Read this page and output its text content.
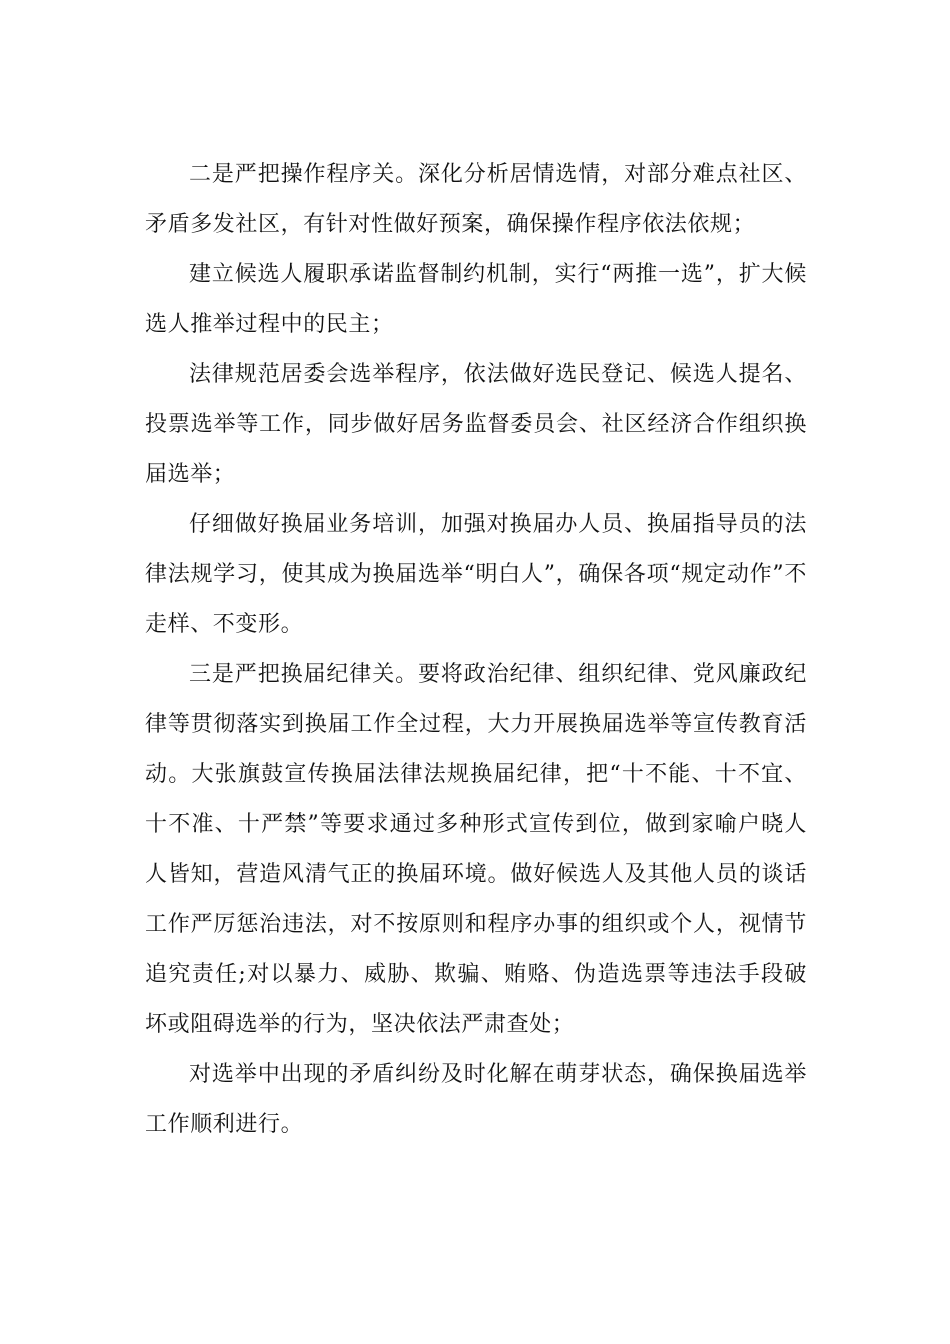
二是严把操作程序关。深化分析居情选情，对部分难点社区、矛盾多发社区，有针对性做好预案，确保操作程序依法依规；

建立候选人履职承诺监督制约机制，实行“两推一选”，扩大候选人推举过程中的民主；

法律规范居委会选举程序，依法做好选民登记、候选人提名、投票选举等工作，同步做好居务监督委员会、社区经济合作组织换届选举；

仔细做好换届业务培训，加强对换届办人员、换届指导员的法律法规学习，使其成为换届选举“明白人”，确保各项“规定动作”不走样、不变形。

三是严把换届纪律关。要将政治纪律、组织纪律、党风廉政纪律等贯彻落实到换届工作全过程，大力开展换届选举等宣传教育活动。大张旗鼓宣传换届法律法规换届纪律，把“十不能、十不宜、十不准、十严禁”等要求通过多种形式宣传到位，做到家喻户晓人人皆知，营造风清气正的换届环境。做好候选人及其他人员的谈话工作严厉惩治违法，对不按原则和程序办事的组织或个人，视情节追究责任;对以暴力、威胁、欺骗、贿赂、伪造选票等违法手段破坏或阻碍选举的行为，坚决依法严肃查处；

对选举中出现的矛盾纠纷及时化解在萌芽状态，确保换届选举工作顺利进行。
